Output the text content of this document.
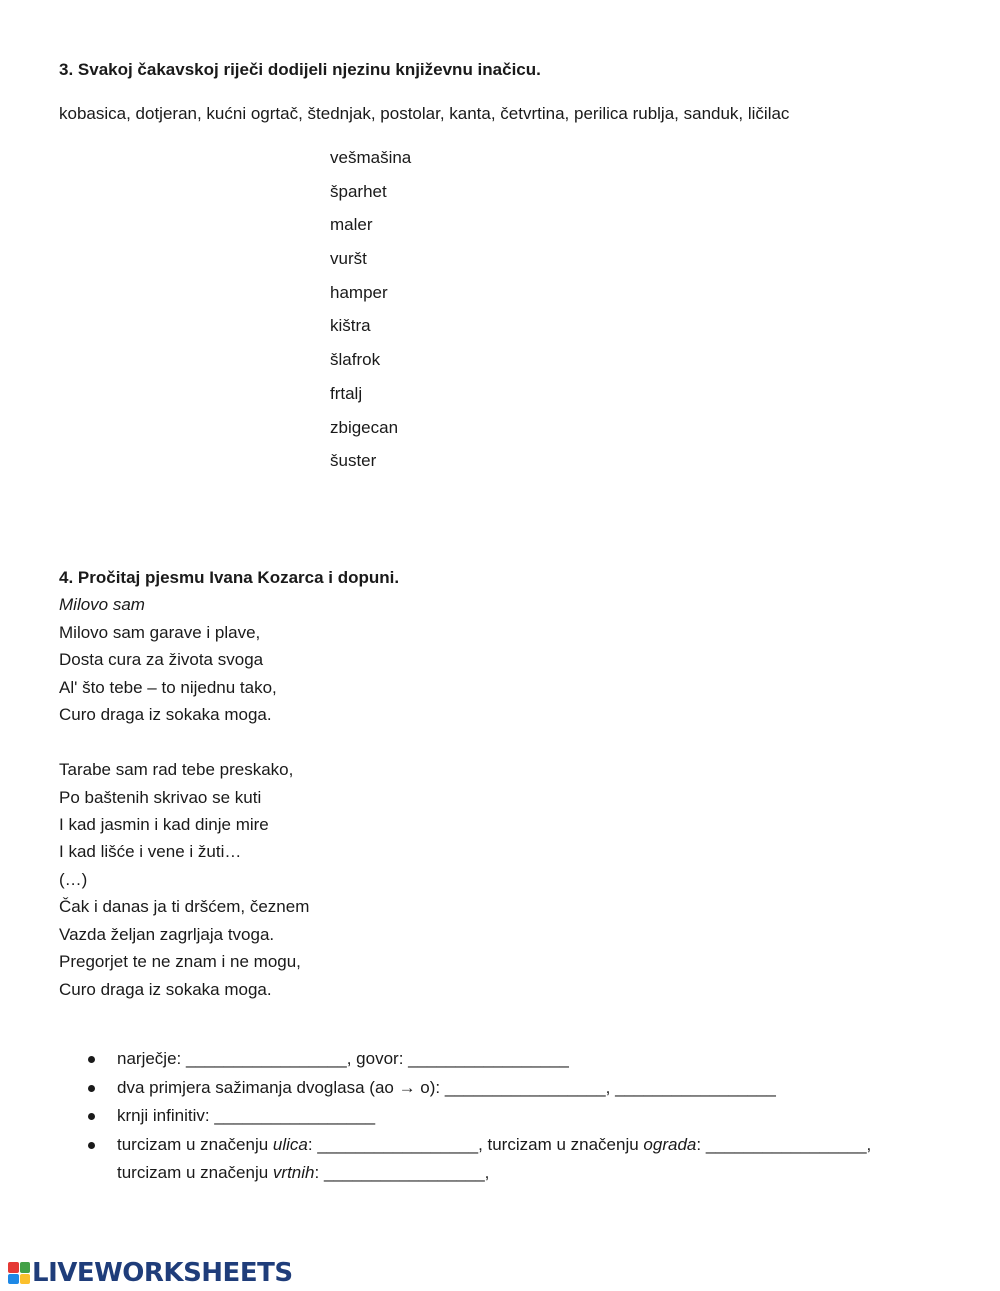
3. Svakoj čakavskoj riječi dodijeli njezinu književnu inačicu.
kobasica, dotjeran, kućni ogrtač, štednjak, postolar, kanta, četvrtina, perilica rublja, sanduk, ličilac
vešmašina
šparhet
maler
vuršt
hamper
kištra
šlafrok
frtalj
zbigecan
šuster
4. Pročitaj pjesmu Ivana Kozarca i dopuni.
Milovo sam
Milovo sam garave i plave,
Dosta cura za života svoga
Al' što tebe – to nijednu tako,
Curo draga iz sokaka moga.
Tarabe sam rad tebe preskako,
Po baštenih skrivao se kuti
I kad jasmin i kad dinje mire
I kad lišće i vene i žuti…
(…)
Čak i danas ja ti dršćem, čeznem
Vazda željan zagrljaja tvoga.
Pregorjet te ne znam i ne mogu,
Curo draga iz sokaka moga.
narječje: _________________, govor: _________________
dva primjera sažimanja dvoglasa (ao → o): _________________, _________________
krnji infinitiv: _________________
turcizam u značenju ulica: _________________, turcizam u značenju ograda: _________________,
turcizam u značenju vrtnih: _________________,
LIVEWORKSHEETS
